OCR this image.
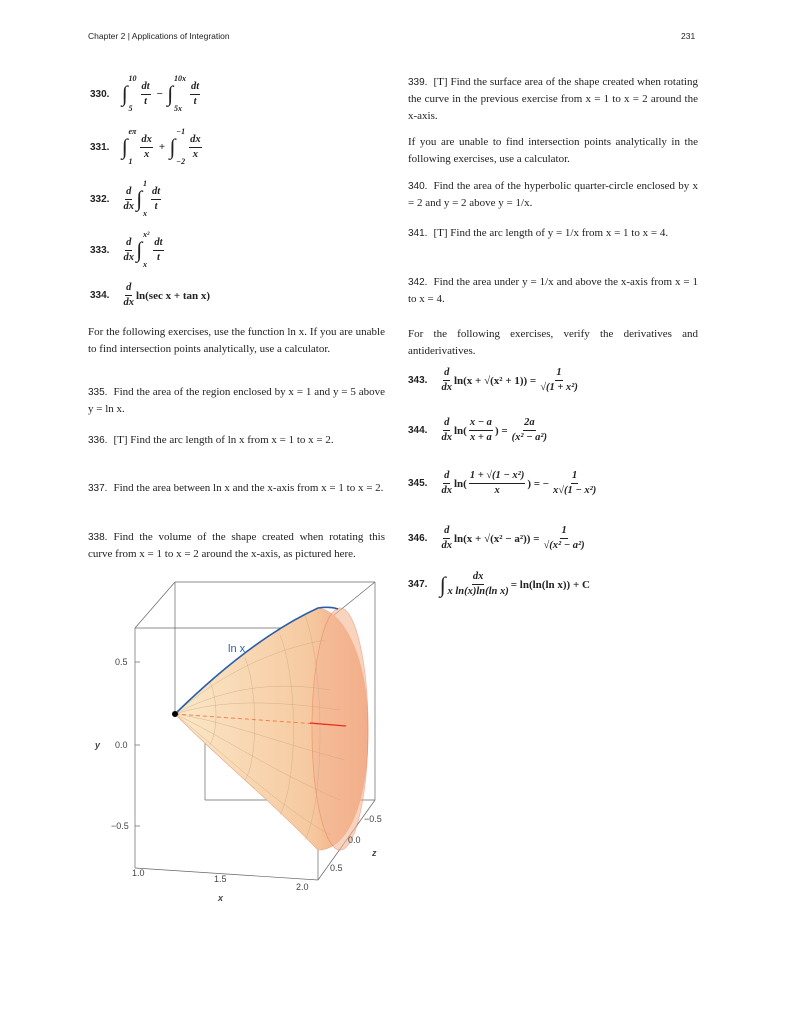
Chapter 2 | Applications of Integration	231
330. ∫
10
$5 \frac{dt}{t}$ − ∫
10x
$5x \frac{dt}{t}$
331. ∫
eπ
$1 \frac{dx}{x}$ + ∫
−1
$-2 \frac{dx}{x}$
332. $\frac{d}{dx}$ ∫
1
x $\frac{dt}{t}$
333. $\frac{d}{dx}$ ∫
x²
x $\frac{dt}{t}$
334. $\frac{d}{dx} \ln(\sec$ x + tan x)
For the following exercises, use the function ln x. If you are unable to find intersection points analytically, use a calculator.
335. Find the area of the region enclosed by x = 1 and y = 5 above y = ln x.
336. [T] Find the arc length of ln x from x = 1 to x = 2.
337. Find the area between ln x and the x-axis from x = 1 to x = 2.
338. Find the volume of the shape created when rotating this curve from x = 1 to x = 2 around the x-axis, as pictured here.
ln x
0.5
0.0
−0.5
y
1.0
1.5
2.0
x
−0.5
0.0
0.5
z
339. [T] Find the surface area of the shape created when rotating the curve in the previous exercise from x = 1 to x = 2 around the x-axis.
If you are unable to find intersection points analytically in the following exercises, use a calculator.
340. Find the area of the hyperbolic quarter-circle enclosed by x = 2 and y = 2 above y = 1/x.
341. [T] Find the arc length of y = 1/x from x = 1 to x = 4.
342. Find the area under y = 1/x and above the x-axis from x = 1 to x = 4.
For the following exercises, verify the derivatives and antiderivatives.
343. $\frac{d}{dx} \ln(x + √(x^2 + 1)) = \frac{1}{\text{√(1 + x²)}}$
344. $\frac{d}{dx} \ln( \frac{x - a}{x + a}$ ) = $\frac{2a}{\text{(x² − a²)}}$
345. $\frac{d}{dx} \ln( \frac{\text{1 + √(1 − x²)}}{x}$ ) = − $\frac{1}{\text{x√(1 − x²)}}$
346. $\frac{d}{dx} \ln(x + √(x^2 - a^2)) = \frac{1}{\text{√(x² − a²)}}$
347. ∫ $\frac{dx}{\text{x ln(x)ln(ln x)}} = \ln(\ln(\ln$ x)) + C
